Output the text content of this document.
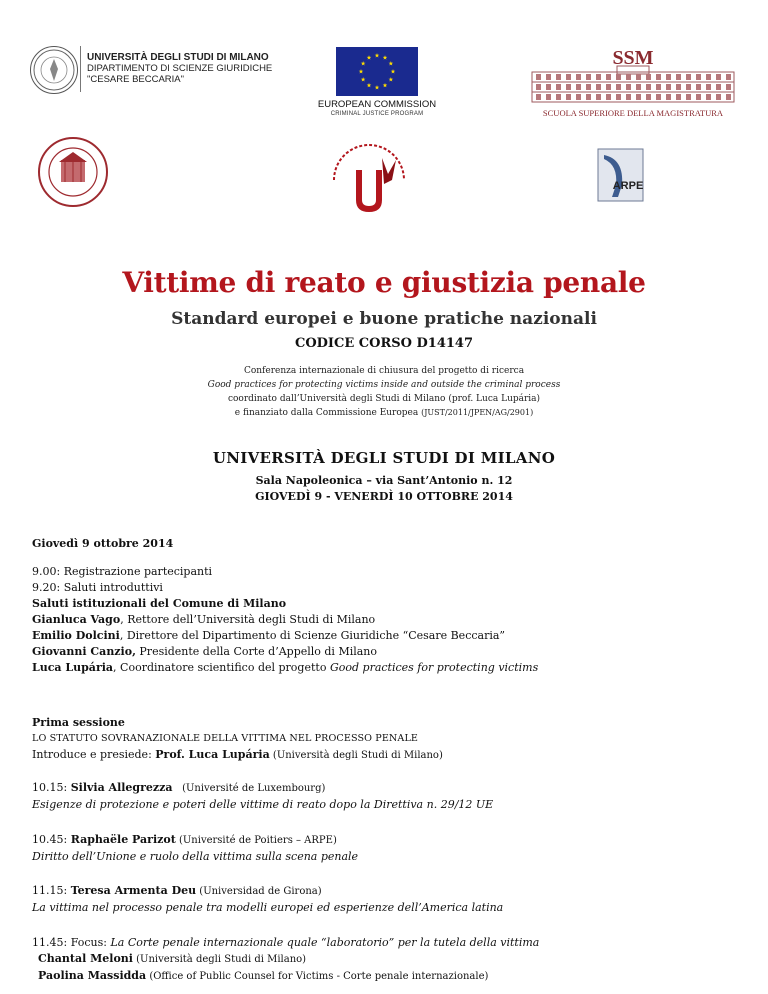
UNIVERSITÀ DEGLI STUDI DI MILANO
DIPARTIMENTO DI SCIENZE GIURIDICHE
"CESARE BECCARIA"
EUROPEAN COMMISSION
CRIMINAL JUSTICE PROGRAM
SSM
SCUOLA SUPERIORE DELLA MAGISTRATURA
ARPE
Vittime di reato e giustizia penale
Standard europei e buone pratiche nazionali
CODICE CORSO D14147
Conferenza internazionale di chiusura del progetto di ricerca
Good practices for protecting victims inside and outside the criminal process
coordinato dall’Università degli Studi di Milano (prof. Luca Lupária)
e finanziato dalla Commissione Europea (JUST/2011/JPEN/AG/2901)
UNIVERSITÀ DEGLI STUDI DI MILANO
Sala Napoleonica – via Sant’Antonio n. 12
GIOVEDÌ 9 - VENERDÌ 10 OTTOBRE 2014
Giovedì 9 ottobre 2014
9.00: Registrazione partecipanti
9.20: Saluti introduttivi
Saluti istituzionali del Comune di Milano
Gianluca Vago, Rettore dell’Università degli Studi di Milano
Emilio Dolcini, Direttore del Dipartimento di Scienze Giuridiche “Cesare Beccaria”
Giovanni Canzio, Presidente della Corte d’Appello di Milano
Luca Lupária, Coordinatore scientifico del progetto Good practices for protecting victims
Prima sessione
LO STATUTO SOVRANAZIONALE DELLA VITTIMA NEL PROCESSO PENALE
Introduce e presiede: Prof. Luca Lupária (Università degli Studi di Milano)
10.15: Silvia Allegrezza   (Université de Luxembourg)
Esigenze di protezione e poteri delle vittime di reato dopo la Direttiva n. 29/12 UE
10.45: Raphaële Parizot (Université de Poitiers – ARPE)
Diritto dell’Unione e ruolo della vittima sulla scena penale
11.15: Teresa Armenta Deu (Universidad de Girona)
La vittima nel processo penale tra modelli europei ed esperienze dell’America latina
11.45: Focus: La Corte penale internazionale quale “laboratorio” per la tutela della vittima
Chantal Meloni (Università degli Studi di Milano)
Paolina Massidda (Office of Public Counsel for Victims - Corte penale internazionale)
